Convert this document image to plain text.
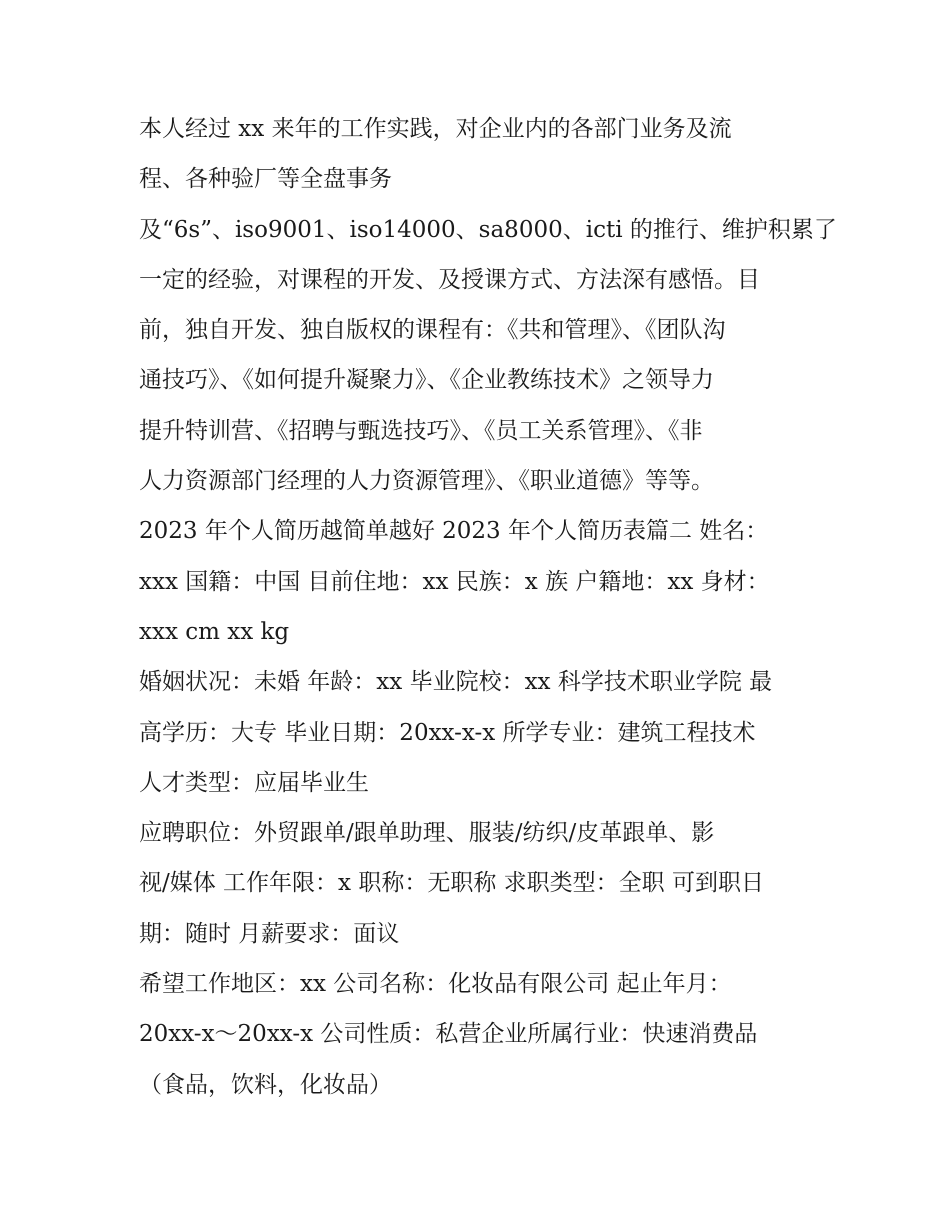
本人经过 xx 来年的工作实践，对企业内的各部门业务及流
程、各种验厂等全盘事务
及“6s”、iso9001、iso14000、sa8000、icti 的推行、维护积累了
一定的经验，对课程的开发、及授课方式、方法深有感悟。目
前，独自开发、独自版权的课程有：《共和管理》、《团队沟
通技巧》、《如何提升凝聚力》、《企业教练技术》之领导力
提升特训营、《招聘与甄选技巧》、《员工关系管理》、《非
人力资源部门经理的人力资源管理》、《职业道德》等等。
2023 年个人简历越简单越好 2023 年个人简历表篇二 姓名：
xxx 国籍：中国 目前住地：xx 民族：x 族 户籍地：xx 身材：
xxx cm xx kg
婚姻状况：未婚 年龄：xx 毕业院校：xx 科学技术职业学院 最
高学历：大专 毕业日期：20xx-x-x 所学专业：建筑工程技术
人才类型：应届毕业生
应聘职位：外贸跟单/跟单助理、服装/纺织/皮革跟单、影
视/媒体 工作年限：x 职称：无职称 求职类型：全职 可到职日
期：随时 月薪要求：面议
希望工作地区：xx 公司名称：化妆品有限公司 起止年月：
20xx-x～20xx-x 公司性质：私营企业所属行业：快速消费品
（食品，饮料，化妆品）
